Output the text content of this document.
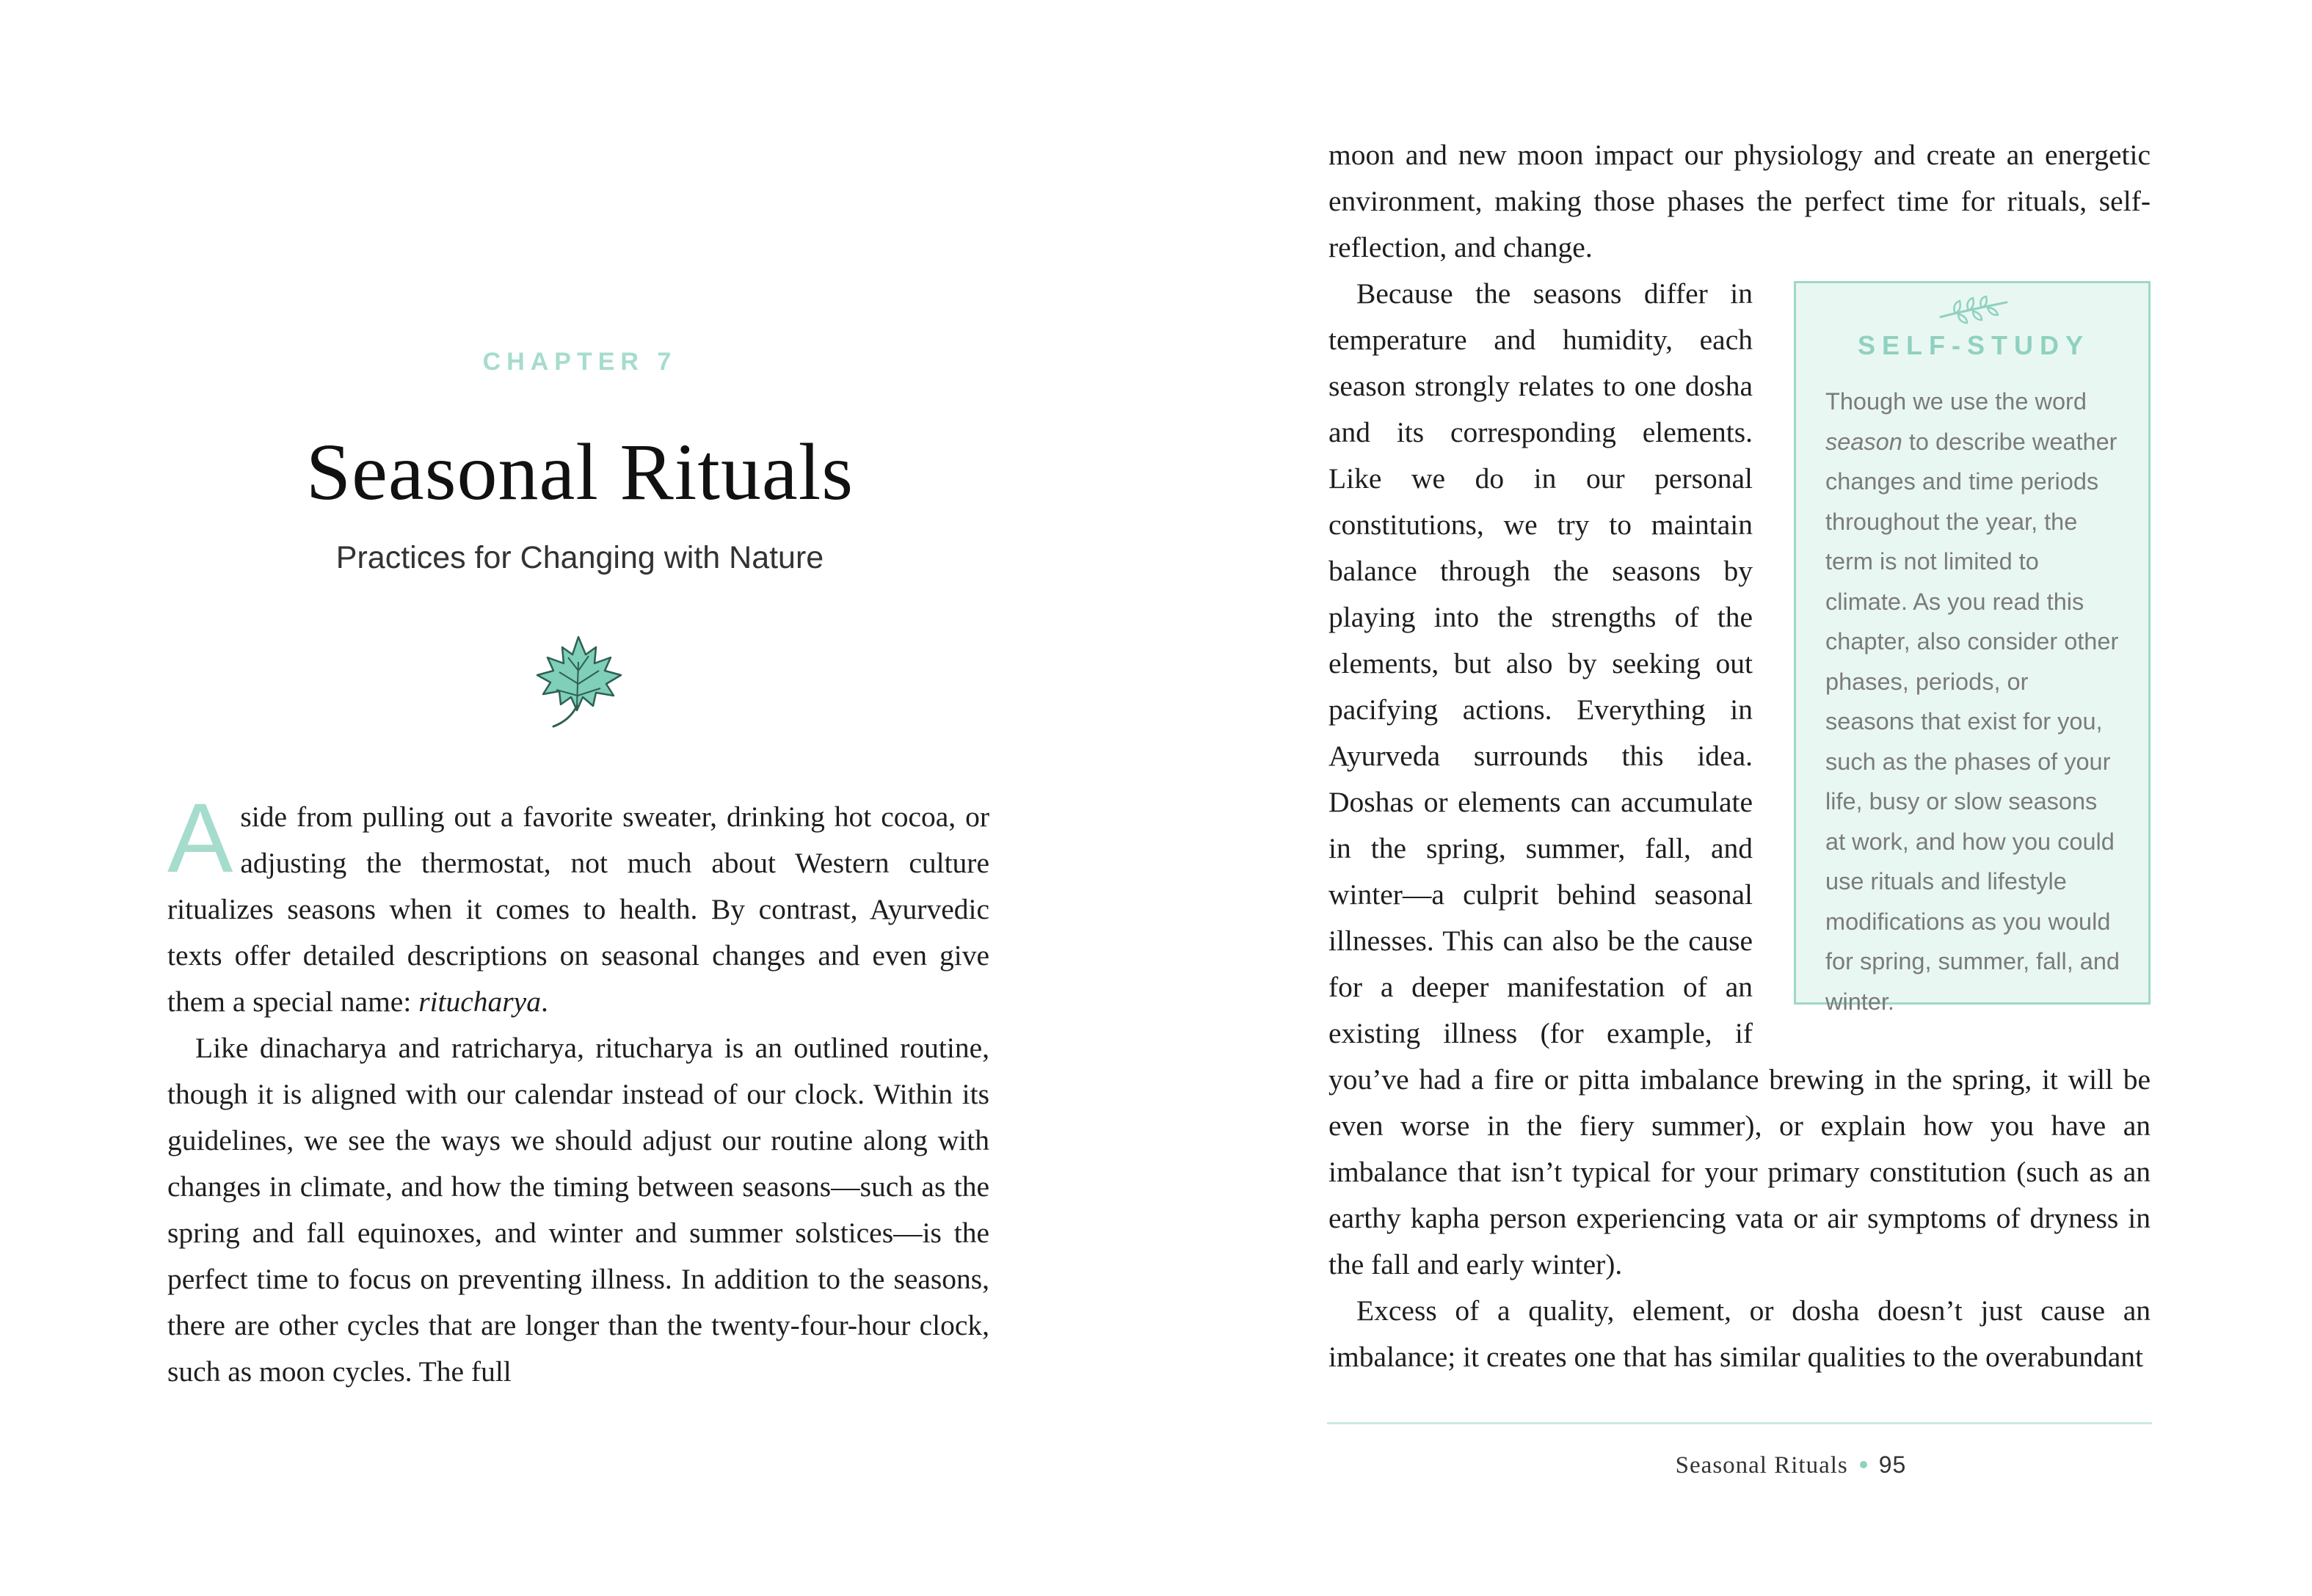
CHAPTER 7
Seasonal Rituals
Practices for Changing with Nature

Aside from pulling out a favorite sweater, drinking hot cocoa, or adjusting the thermostat, not much about Western culture ritualizes seasons when it comes to health. By contrast, Ayurvedic texts offer detailed descriptions on seasonal changes and even give them a special name: ritucharya.

Like dinacharya and ratricharya, ritucharya is an outlined routine, though it is aligned with our calendar instead of our clock. Within its guidelines, we see the ways we should adjust our routine along with changes in climate, and how the timing between seasons—such as the spring and fall equinoxes, and winter and summer solstices—is the perfect time to focus on preventing illness. In addition to the seasons, there are other cycles that are longer than the twenty-four-hour clock, such as moon cycles. The full

moon and new moon impact our physiology and create an energetic environment, making those phases the perfect time for rituals, self-reflection, and change.

SELF-STUDY
Though we use the word season to describe weather changes and time periods throughout the year, the term is not limited to climate. As you read this chapter, also consider other phases, periods, or seasons that exist for you, such as the phases of your life, busy or slow seasons at work, and how you could use rituals and lifestyle modifications as you would for spring, summer, fall, and winter.

Because the seasons differ in temperature and humidity, each season strongly relates to one dosha and its corresponding elements. Like we do in our personal constitutions, we try to maintain balance through the seasons by playing into the strengths of the elements, but also by seeking out pacifying actions. Everything in Ayurveda surrounds this idea. Doshas or elements can accumulate in the spring, summer, fall, and winter—a culprit behind seasonal illnesses. This can also be the cause for a deeper manifestation of an existing illness (for example, if you’ve had a fire or pitta imbalance brewing in the spring, it will be even worse in the fiery summer), or explain how you have an imbalance that isn’t typical for your primary constitution (such as an earthy kapha person experiencing vata or air symptoms of dryness in the fall and early winter).

Excess of a quality, element, or dosha doesn’t just cause an imbalance; it creates one that has similar qualities to the overabundant

Seasonal Rituals 95
